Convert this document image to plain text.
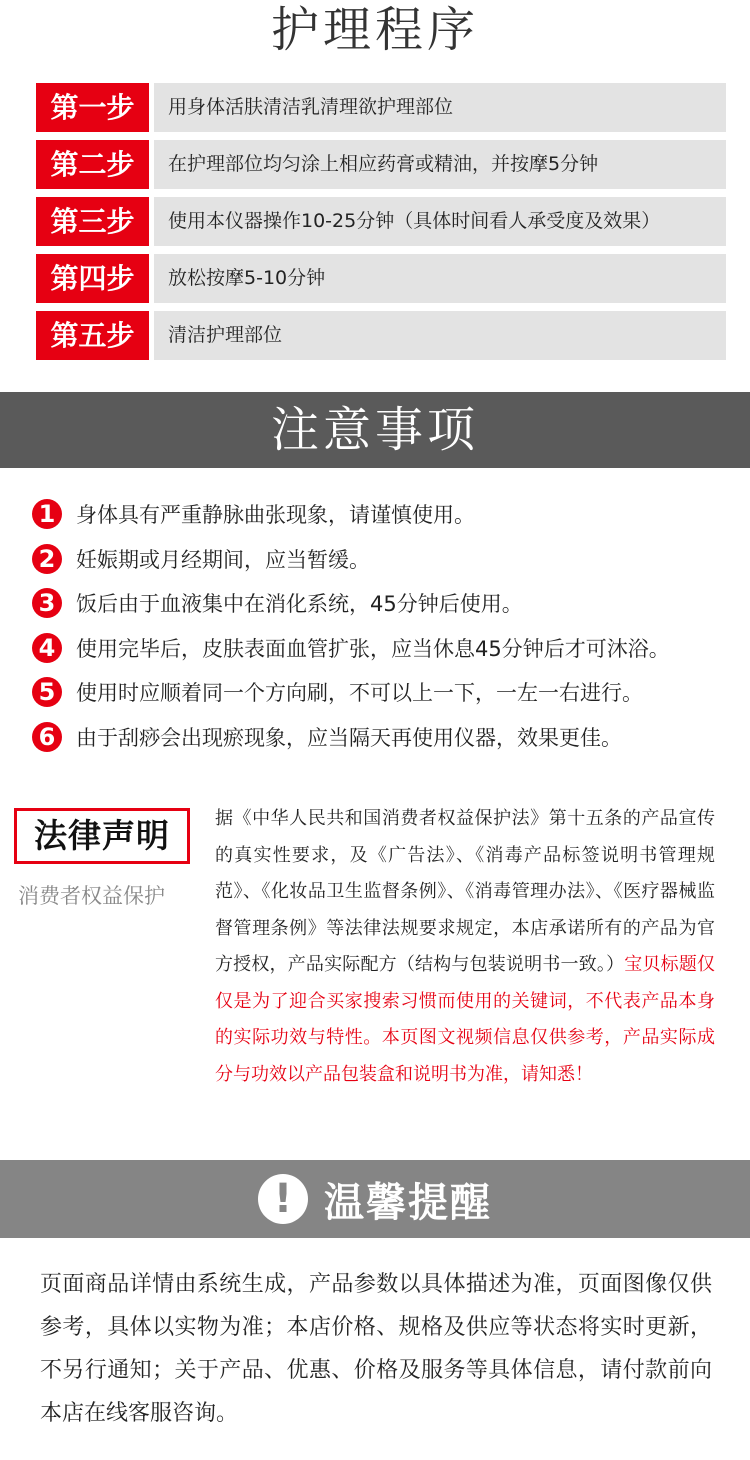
护理程序
第一步	用身体活肤清洁乳清理欲护理部位
第二步	在护理部位均匀涂上相应药膏或精油，并按摩5分钟
第三步	使用本仪器操作10-25分钟（具体时间看人承受度及效果）
第四步	放松按摩5-10分钟
第五步	清洁护理部位
注意事项
1 身体具有严重静脉曲张现象，请谨慎使用。
2 妊娠期或月经期间，应当暂缓。
3 饭后由于血液集中在消化系统，45分钟后使用。
4 使用完毕后，皮肤表面血管扩张，应当休息45分钟后才可沐浴。
5 使用时应顺着同一个方向刷，不可以上一下，一左一右进行。
6 由于刮痧会出现瘀现象，应当隔天再使用仪器，效果更佳。
法律声明
消费者权益保护
据《中华人民共和国消费者权益保护法》第十五条的产品宣传的真实性要求，及《广告法》、《消毒产品标签说明书管理规范》、《化妆品卫生监督条例》、《消毒管理办法》、《医疗器械监督管理条例》等法律法规要求规定，本店承诺所有的产品为官方授权，产品实际配方（结构与包装说明书一致。）宝贝标题仅仅是为了迎合买家搜索习惯而使用的关键词，不代表产品本身的实际功效与特性。本页图文视频信息仅供参考，产品实际成分与功效以产品包装盒和说明书为准，请知悉！
! 温馨提醒
页面商品详情由系统生成，产品参数以具体描述为准，页面图像仅供参考，具体以实物为准；本店价格、规格及供应等状态将实时更新，不另行通知；关于产品、优惠、价格及服务等具体信息，请付款前向本店在线客服咨询。
